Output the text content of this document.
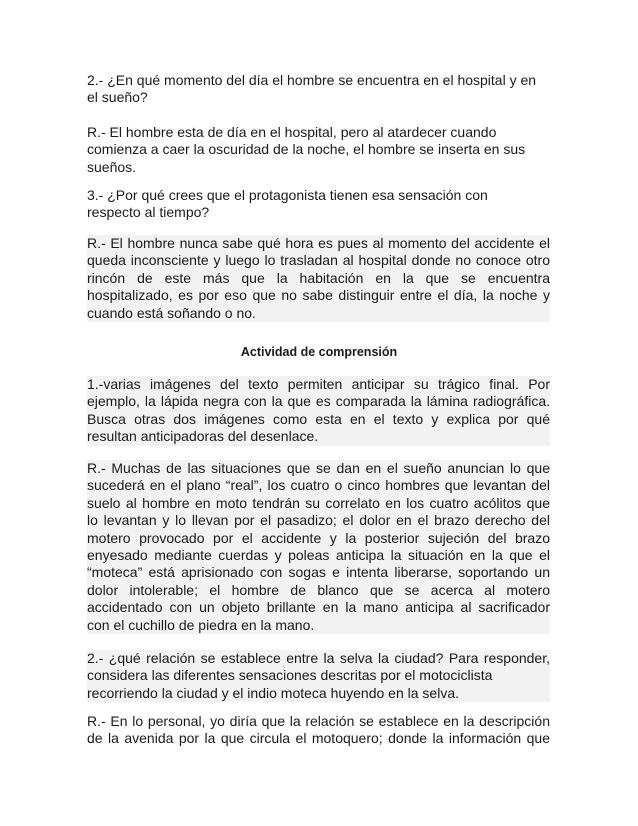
2.- ¿En qué momento del día el hombre se encuentra en el hospital y en
el sueño?
R.- El hombre esta de día en el hospital, pero al atardecer cuando
comienza a caer la oscuridad de la noche, el hombre se inserta en sus
sueños.
3.- ¿Por qué crees que el protagonista tienen esa sensación con
respecto al tiempo?
R.- El hombre nunca sabe qué hora es pues al momento del accidente el
queda inconsciente y luego lo trasladan al hospital donde no conoce otro
rincón de este más que la habitación en la que se encuentra
hospitalizado, es por eso que no sabe distinguir entre el día, la noche y
cuando está soñando o no.
Actividad de comprensión
1.-varias imágenes del texto permiten anticipar su trágico final. Por
ejemplo, la lápida negra con la que es comparada la lámina radiográfica.
Busca otras dos imágenes como esta en el texto y explica por qué
resultan anticipadoras del desenlace.
R.- Muchas de las situaciones que se dan en el sueño anuncian lo que
sucederá en el plano “real”, los cuatro o cinco hombres que levantan del
suelo al hombre en moto tendrán su correlato en los cuatro acólitos que
lo levantan y lo llevan por el pasadizo; el dolor en el brazo derecho del
motero provocado por el accidente y la posterior sujeción del brazo
enyesado mediante cuerdas y poleas anticipa la situación en la que el
“moteca” está aprisionado con sogas e intenta liberarse, soportando un
dolor intolerable; el hombre de blanco que se acerca al motero
accidentado con un objeto brillante en la mano anticipa al sacrificador
con el cuchillo de piedra en la mano.
2.- ¿qué relación se establece entre la selva la ciudad? Para responder,
considera las diferentes sensaciones descritas por el motociclista
recorriendo la ciudad y el indio moteca huyendo en la selva.
R.- En lo personal, yo diría que la relación se establece en la descripción
de la avenida por la que circula el motoquero; donde la información que
